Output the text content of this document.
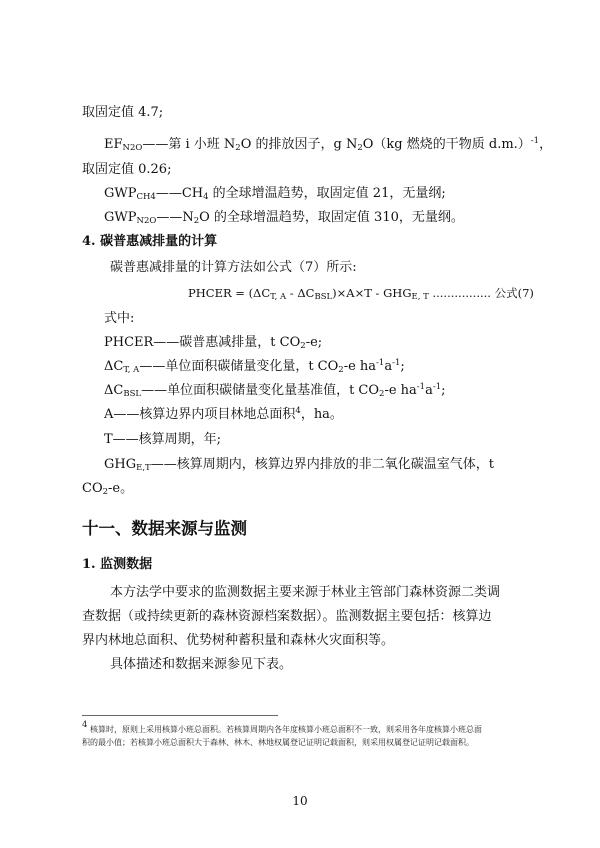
取固定值 4.7;
$EF_{N2O}——$第 i 小班 $N_2O$ 的排放因子，g $N_2O(kg$ 燃烧的干物质 d.m.）$^{-1}$，
取固定值 0.26;
$GWP_{CH4}——CH_4$ 的全球增温趋势，取固定值 21，无量纲;
$GWP_{N2O}——N_2O$ 的全球增温趋势，取固定值 310，无量纲。
4. 碳普惠减排量的计算
碳普惠减排量的计算方法如公式（7）所示:
PHCER = $(\Delta C_{T, A} - \Delta C_{BSL})\times A\times T - GHG_{E, T}$ ................ 公式(7)
式中:
PHCER——碳普惠减排量，t $CO_2-e$;
$\Delta C_{T, A}——$单位面积碳储量变化量，t $CO_2-e$ $ha^{-1}a^{-1}$;
$\Delta C_{BSL}——$单位面积碳储量变化量基准值，t $CO_2-e$ $ha^{-1}a^{-1}$;
A——核算边界内项目林地总面积$^4$，ha。
T——核算周期，年;
$GHG_{E,T}——$核算周期内，核算边界内排放的非二氧化碳温室气体，t
$CO_2-e$。
十一、数据来源与监测
1. 监测数据
本方法学中要求的监测数据主要来源于林业主管部门森林资源二类调
查数据（或持续更新的森林资源档案数据）。监测数据主要包括：核算边
界内林地总面积、优势树种蓄积量和森林火灾面积等。
具体描述和数据来源参见下表。
$^4$ 核算时，原则上采用核算小班总面积。若核算周期内各年度核算小班总面积不一致，则采用各年度核算小班总面
积的最小值；若核算小班总面积大于森林、林木、林地权属登记证明记载面积，则采用权属登记证明记载面积。
10
